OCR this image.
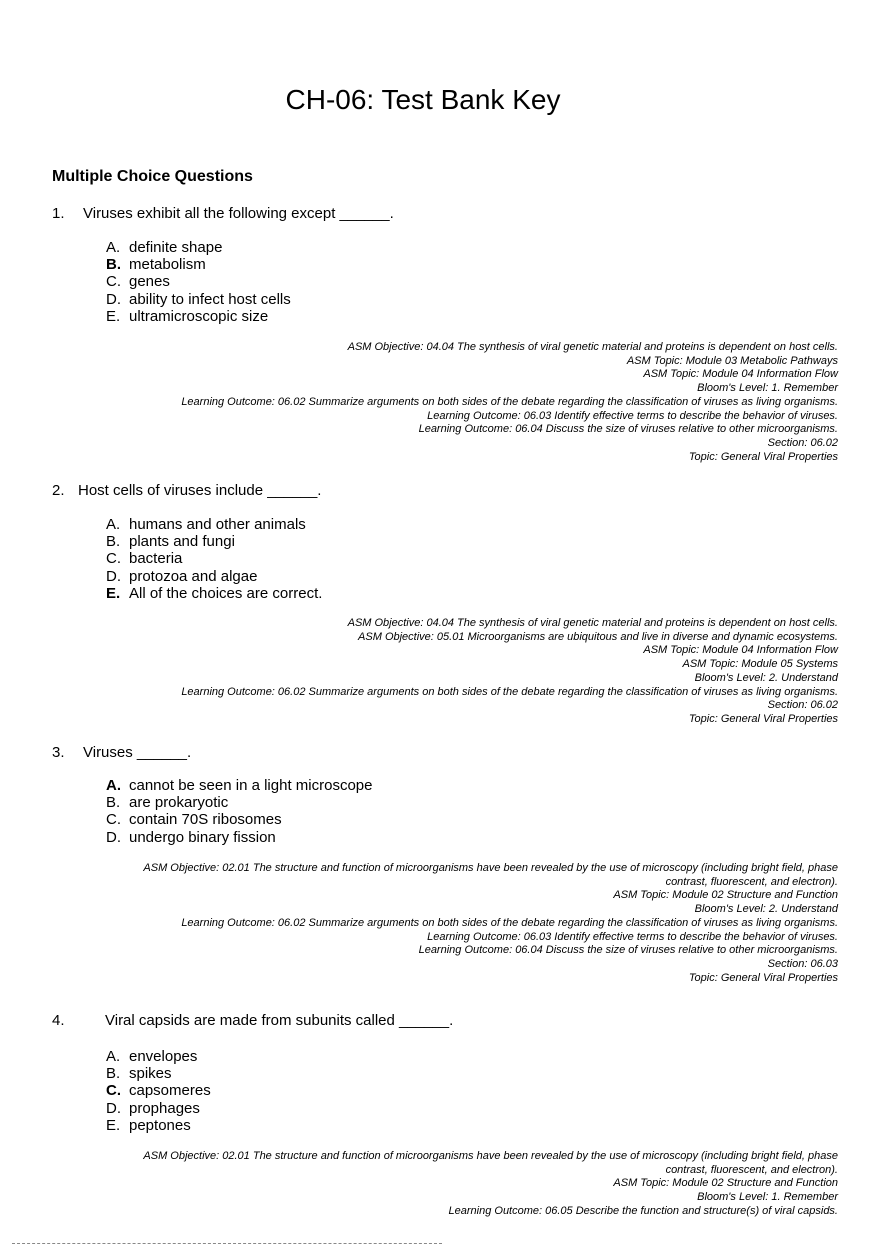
CH-06: Test Bank Key
Multiple Choice Questions
1. Viruses exhibit all the following except ______.
A. definite shape
B. metabolism
C. genes
D. ability to infect host cells
E. ultramicroscopic size
ASM Objective: 04.04 The synthesis of viral genetic material and proteins is dependent on host cells.
ASM Topic: Module 03 Metabolic Pathways
ASM Topic: Module 04 Information Flow
Bloom's Level: 1. Remember
Learning Outcome: 06.02 Summarize arguments on both sides of the debate regarding the classification of viruses as living organisms.
Learning Outcome: 06.03 Identify effective terms to describe the behavior of viruses.
Learning Outcome: 06.04 Discuss the size of viruses relative to other microorganisms.
Section: 06.02
Topic: General Viral Properties
2. Host cells of viruses include ______.
A. humans and other animals
B. plants and fungi
C. bacteria
D. protozoa and algae
E. All of the choices are correct.
ASM Objective: 04.04 The synthesis of viral genetic material and proteins is dependent on host cells.
ASM Objective: 05.01 Microorganisms are ubiquitous and live in diverse and dynamic ecosystems.
ASM Topic: Module 04 Information Flow
ASM Topic: Module 05 Systems
Bloom's Level: 2. Understand
Learning Outcome: 06.02 Summarize arguments on both sides of the debate regarding the classification of viruses as living organisms.
Section: 06.02
Topic: General Viral Properties
3. Viruses ______.
A. cannot be seen in a light microscope
B. are prokaryotic
C. contain 70S ribosomes
D. undergo binary fission
ASM Objective: 02.01 The structure and function of microorganisms have been revealed by the use of microscopy (including bright field, phase
contrast, fluorescent, and electron).
ASM Topic: Module 02 Structure and Function
Bloom's Level: 2. Understand
Learning Outcome: 06.02 Summarize arguments on both sides of the debate regarding the classification of viruses as living organisms.
Learning Outcome: 06.03 Identify effective terms to describe the behavior of viruses.
Learning Outcome: 06.04 Discuss the size of viruses relative to other microorganisms.
Section: 06.03
Topic: General Viral Properties
4.	Viral capsids are made from subunits called ______.
A. envelopes
B. spikes
C. capsomeres
D. prophages
E. peptones
ASM Objective: 02.01 The structure and function of microorganisms have been revealed by the use of microscopy (including bright field, phase
contrast, fluorescent, and electron).
ASM Topic: Module 02 Structure and Function
Bloom's Level: 1. Remember
Learning Outcome: 06.05 Describe the function and structure(s) of viral capsids.
